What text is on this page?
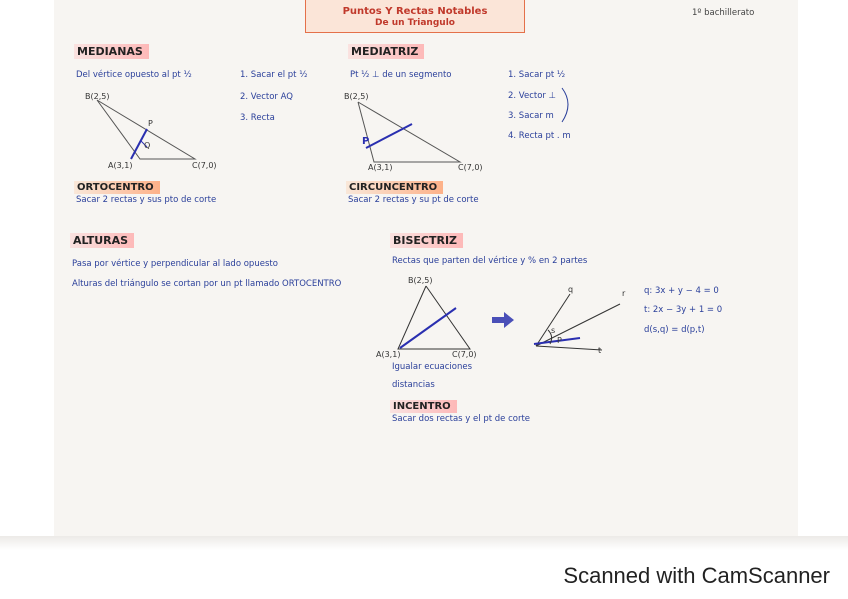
Puntos Y Rectas Notables
De un Triangulo
1º bachillerato
MEDIANAS
Del vértice opuesto al pt ½	1. Sacar el pt ½
2. Vector AQ
3. Recta
B(2,5)
A(3,1)	C(7,0)
P
Q
MEDIATRIZ
Pt ½ ⊥ de un segmento	1. Sacar pt ½
2. Vector ⊥
3. Sacar m
4. Recta pt . m
B(2,5)
A(3,1)	C(7,0)
P
ORTOCENTRO
Sacar 2 rectas y sus pto de corte
CIRCUNCENTRO
Sacar 2 rectas y su pt de corte
ALTURAS
Pasa por vértice y perpendicular al lado opuesto
Alturas del triángulo se cortan por un pt llamado ORTOCENTRO
BISECTRIZ
Rectas que parten del vértice y % en 2 partes
B(2,5)
A(3,1)	C(7,0)
Igualar ecuaciones
distancias
q	r
t
s
P
q: 3x + y − 4 = 0
t: 2x − 3y + 1 = 0
d(s,q) = d(p,t)
INCENTRO
Sacar dos rectas y el pt de corte
Scanned with CamScanner
